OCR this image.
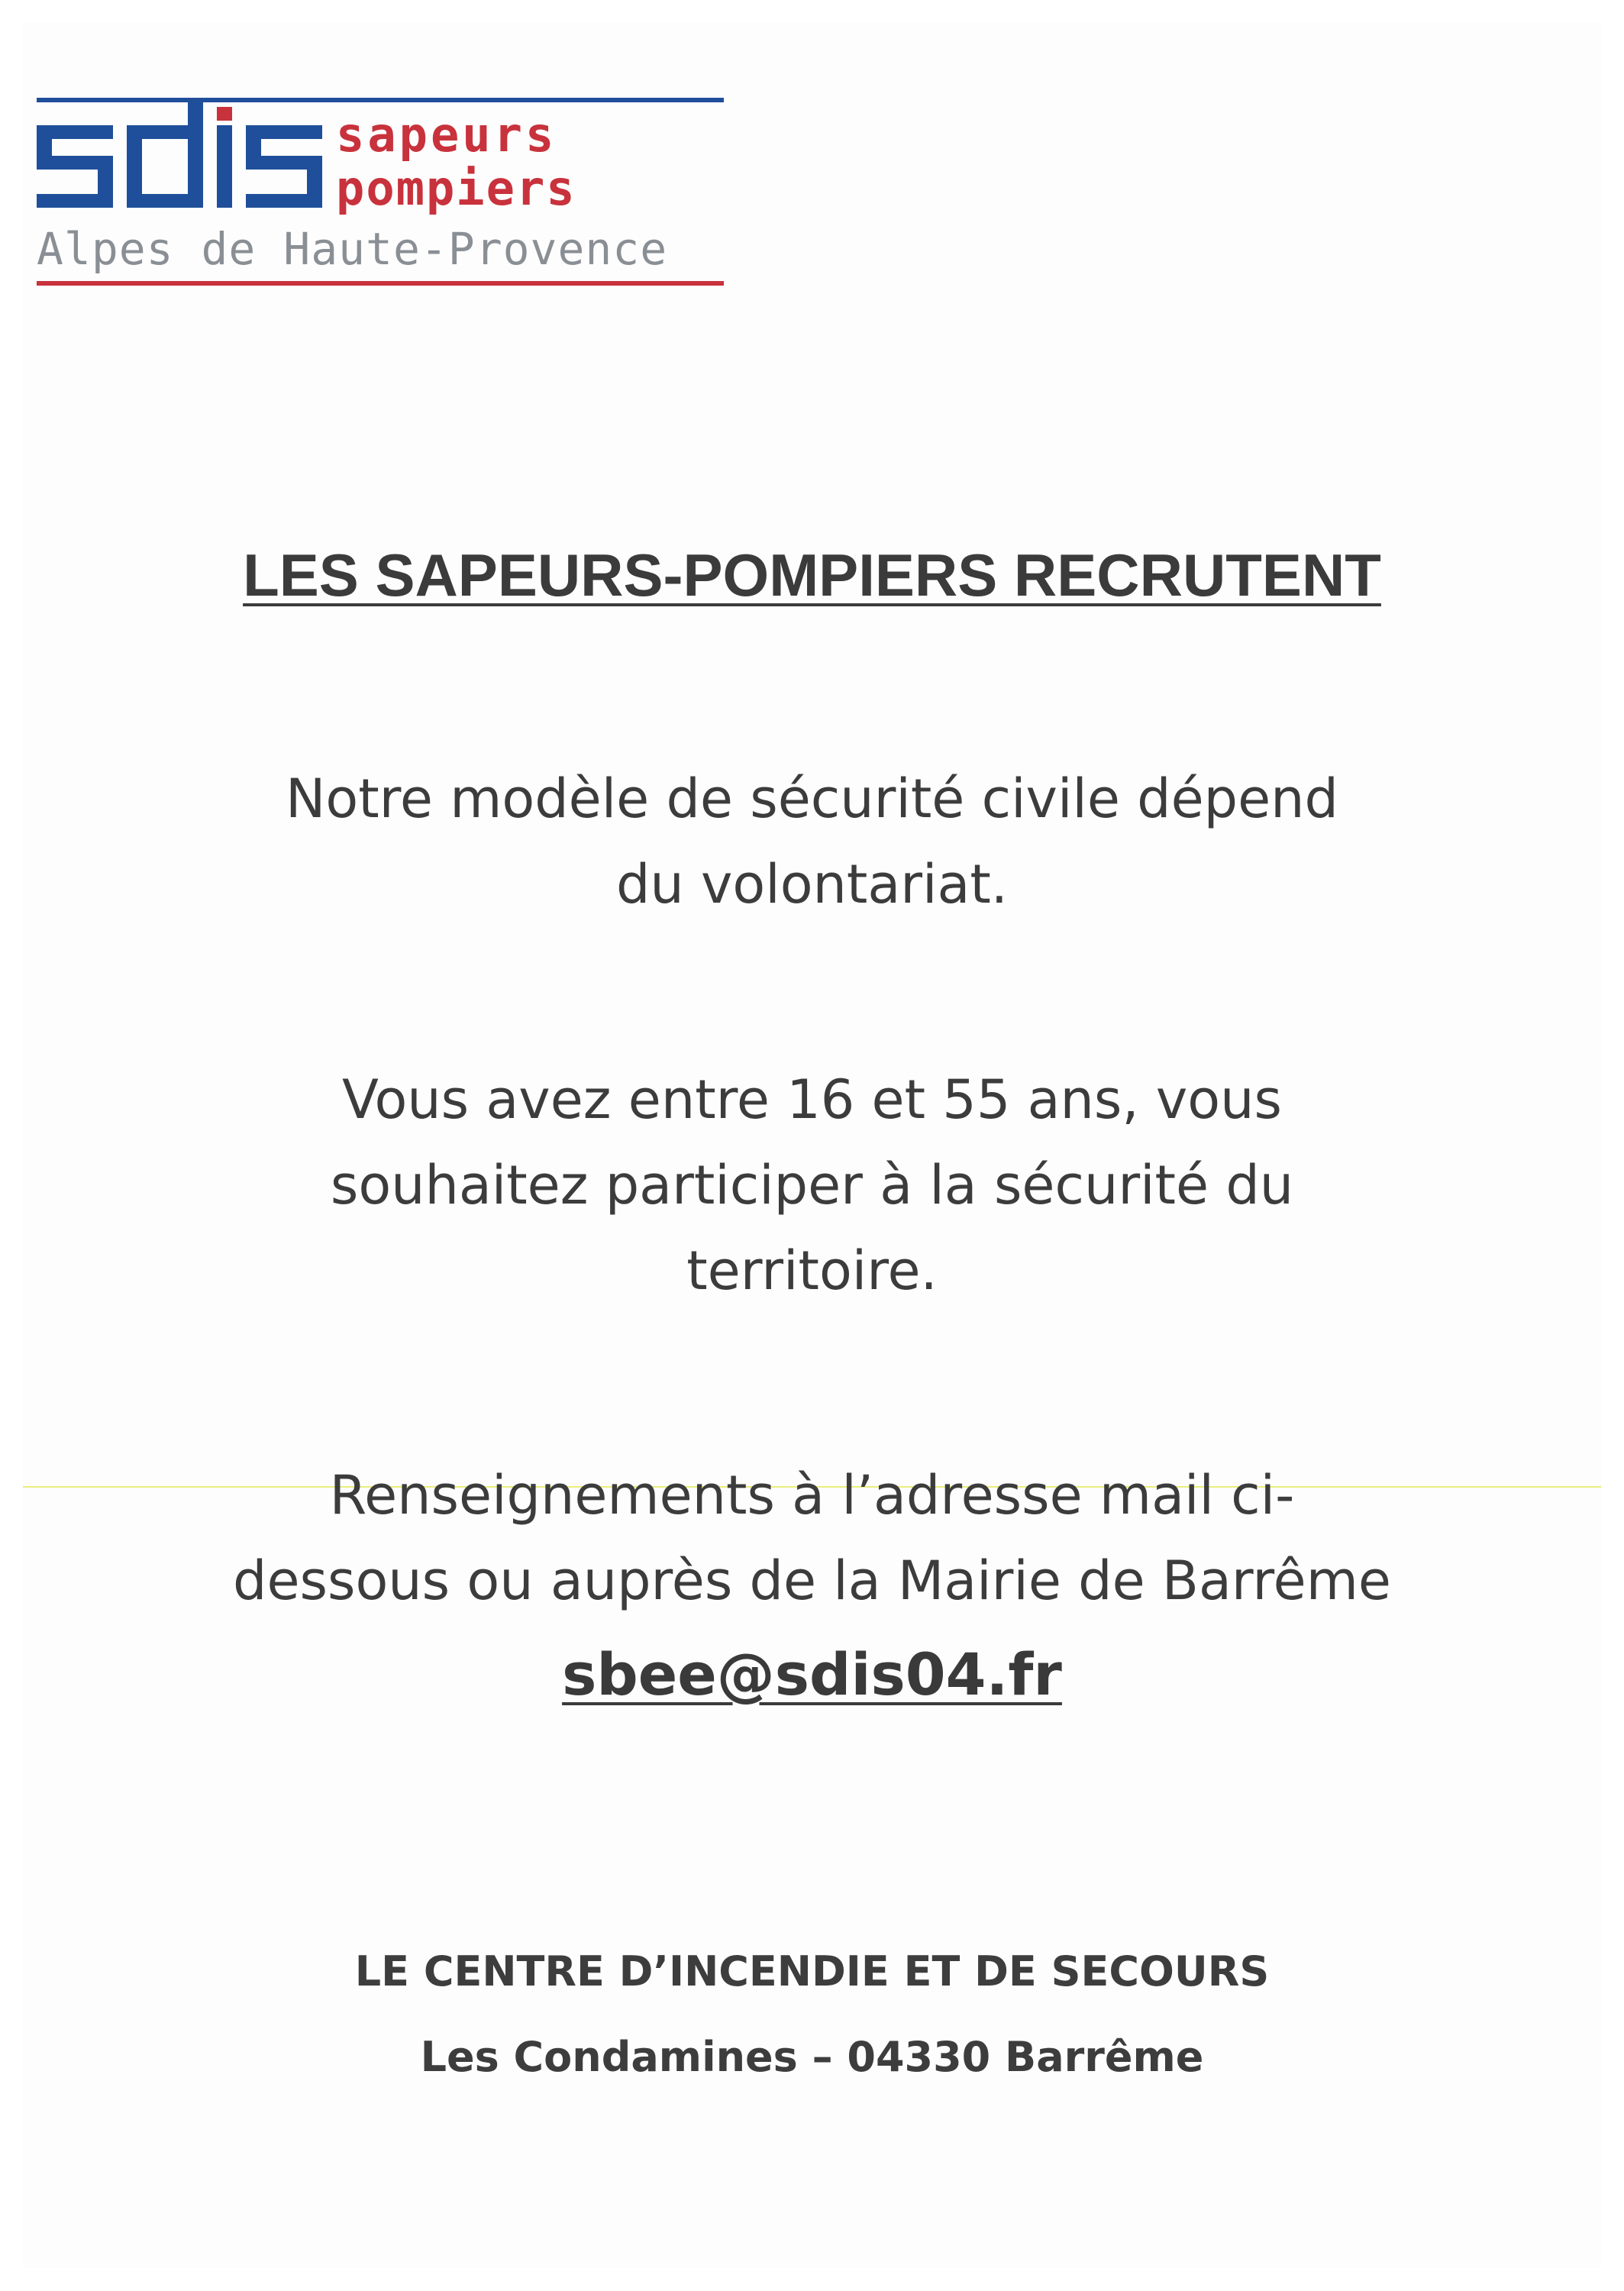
sapeurs
pompiers
Alpes de Haute-Provence
LES SAPEURS-POMPIERS RECRUTENT
Notre modèle de sécurité civile dépend du volontariat.
Vous avez entre 16 et 55 ans, vous souhaitez participer à la sécurité du territoire.
Renseignements à l’adresse mail ci-dessous ou auprès de la Mairie de Barrême
sbee@sdis04.fr
LE CENTRE D’INCENDIE ET DE SECOURS
Les Condamines – 04330 Barrême
